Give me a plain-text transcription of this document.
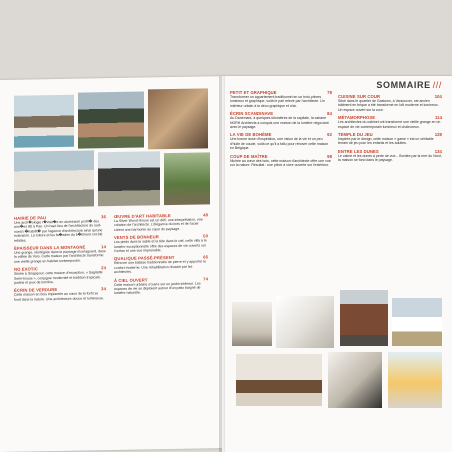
HAIRIE DE PAU	36

Une arch�ologie r�visit�e en aluminium profil� des ann�es 80 à Pau. Un haut lieu de l'architecture du sud-ouest r�habilit� par l'agence d'architecture ainsi qu'une extension. La toiture et les fa�ades du b�timent ont été refaites.

ÉPAISSEUR DANS LA MONTAGNE	14

Une grange, réintégrée dans le paysage montagnard, dans la vallée de Vars. Cette maison par l'architecte transforme une vieille grange en habitat contemporain.

NO EXOTIC	24

Située à Singapour, cette maison d'exception, « Sagitatte Semi-house », conjugue modernité et tradition tropicale, jardins et jeux de lumière.

ÉCRIN DE VERDURE	34

Cette maison en bois implantée au cœur de la forêt se fond dans la nature. Une architecture douce et lumineuse.

ŒUVRE D'ART HABITABLE	48

La Silver Wood House est un défi, une interprétation, une création de l'architecte. L'élégance du bois et de l'acier créent une harmonie au cœur du paysage.

VENTS DE BONHEUR	50

Les pieds dans le sable et la tête dans le ciel, cette villa à la lumière exceptionnelle offre des espaces de vie ouverts sur l'océan et une vue imprenable.

QUALIQUE PASSÉ-PRÉSENT	66

Rénover une bâtisse traditionnelle de pierre et y apporter le confort moderne. Une réhabilitation réussie par les architectes.

À CIEL OUVERT	74

Cette maison urbaine s'ouvre sur un jardin intérieur. Les espaces de vie se déploient autour d'un patio baigné de lumière naturelle.

SOMMAIRE ///

PETIT ET GRAPHIQUE	78

Transformer un appartement traditionnel en un trois-pièces lumineux et graphique, voilà le pari relevé par l'architecte. Un intérieur urbain à la déco graphique et chic.

ÉCRIN SCANDINAVE	84

Au Danemark, à quelques kilomètres de la capitale, la cabane NORH Architects a conquis une maison de la lumière négociant avec le paysage.

LA VIE DE BOHÈME	92

Une bonne dose d'inspiration, une vision de la vie et un peu d'huile de coude, voilà ce qu'il a fallu pour rénover cette maison en Belgique.

COUP DE MAÎTRE	98

Nichée au cœur des bois, cette maison d'architecte offre une vue sur la nature. Résultat : une pièce à vivre ouverte sur l'extérieur.

CUISINE SUR COUR	104

Situé dans le quartier de Gastown, à Vancouver, cet ancien bâtiment en brique a été transformé en loft moderne et lumineux. Un espace ouvert sur la cour.

MÉTAMORPHOSE	114

Les architectes du cabinet ont transformé une vieille grange en un espace de vie contemporain lumineux et chaleureux.

TEMPLE DU JEU	128

Inspirée par le design, cette maison « game » est un véritable terrain de jeu pour les enfants et les adultes.

ENTRE LES DUNES	134

Le calme et les dunes à perte de vue... Bordée par la mer du Nord, la maison se fond dans le paysage.
